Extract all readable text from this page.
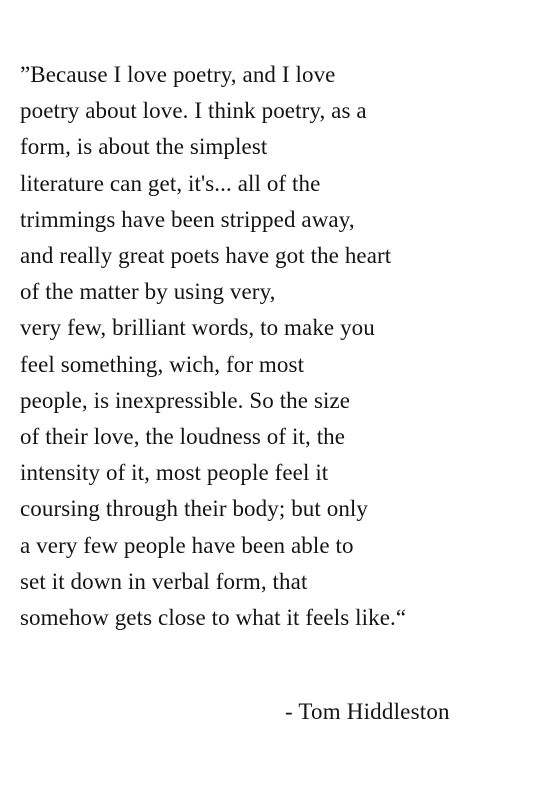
”Because I love poetry, and I love
poetry about love. I think poetry, as a
form, is about the simplest
literature can get, it's... all of the
trimmings have been stripped away,
and really great poets have got the heart
of the matter by using very,
very few, brilliant words, to make you
feel something, wich, for most
people, is inexpressible. So the size
of their love, the loudness of it, the
intensity of it, most people feel it
coursing through their body; but only
a very few people have been able to
set it down in verbal form, that
somehow gets close to what it feels like.“
- Tom Hiddleston
